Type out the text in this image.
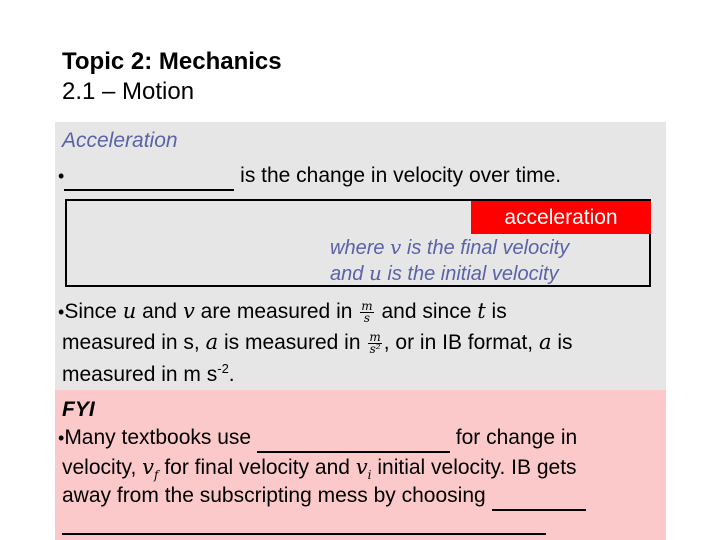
Topic 2: Mechanics
2.1 – Motion
Acceleration
•	is the change in velocity over time.
acceleration
where v is the final velocity
and u is the initial velocity
•Since u and v are measured in $\frac{m}{s}$ and since t is
measured in s, a is measured in $\frac{m}{\text{s²}}$ , or in IB format, a is
measured in m $s^{-2}$.
FYI
•Many textbooks use	for change in
velocity, $v_f$ for final velocity and $v_i$ initial velocity. IB gets
away from the subscripting mess by choosing
